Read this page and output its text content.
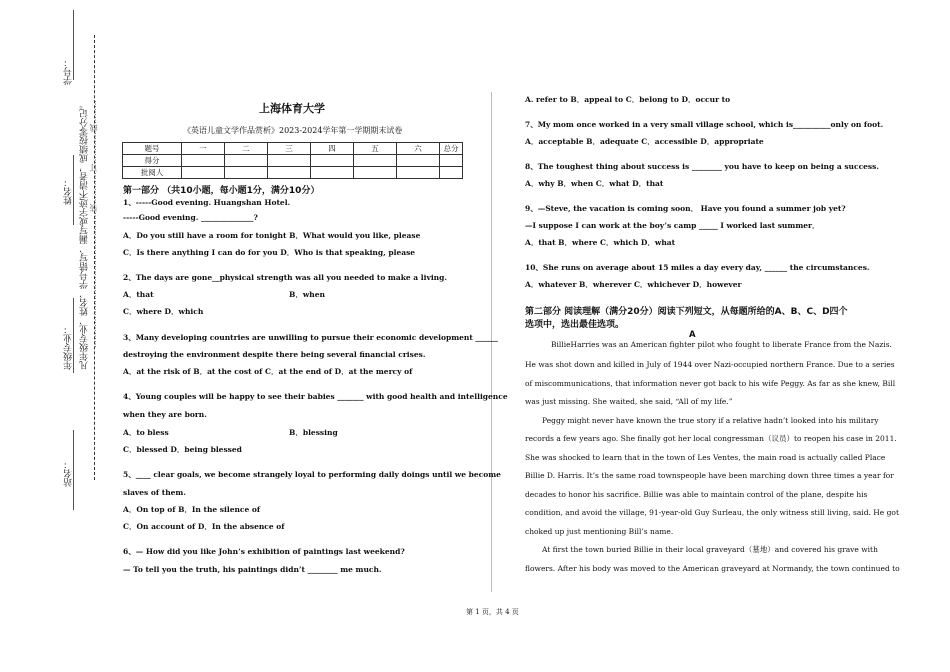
学号：
姓名：
年级专业：
站名：
凡年级专业、姓名、学号错写、漏写或字迹不清者，成绩按零分记。 ……………………………………………装…………订…………线………	上海体育大学
《英语儿童文学作品赏析》2023-2024学年第一学期期末试卷
题号	一	二	三	四	五	六	总分
得分							
批阅人							
第一部分 （共10小题，每小题1分，满分10分）
1、-----Good evening. Huangshan Hotel.
-----Good evening. ______________?
A．Do you still have a room for tonight B．What would you like, please
C．Is there anything I can do for you D．Who is that speaking, please
2、The days are gone__physical strength was all you needed to make a living.
A．that	B．when
C．where D．which
3、Many developing countries are unwilling to pursue their economic development ______
destroying the environment despite there being several financial crises.
A．at the risk of B．at the cost of C．at the end of D．at the mercy of
4、Young couples will be happy to see their babies _______ with good health and intelligence
when they are born.
A．to bless	B．blessing
C．blessed D．being blessed
5、____ clear goals, we become strangely loyal to performing daily doings until we become
slaves of them.
A．On top of B．In the silence of
C．On account of D．In the absence of
6、— How did you like John’s exhibition of paintings last weekend?
— To tell you the truth, his paintings didn’t ________ me much.
A. refer to B．appeal to C．belong to D．occur to
7、My mom once worked in a very small village school, which is__________only on foot.
A．acceptable B．adequate C．accessible D．appropriate
8、The toughest thing about success is ________ you have to keep on being a success.
A．why B．when C．what D．that
9、—Steve, the vacation is coming soon． Have you found a summer job yet?
—I suppose I can work at the boy’s camp _____ I worked last summer．
A．that B．where C．which D．what
10、She runs on average about 15 miles a day every day, ______ the circumstances.
A．whatever B．wherever C．whichever D．however
第二部分 阅读理解（满分20分）阅读下列短文，从每题所给的A、B、C、D四个
选项中，选出最佳选项。
A
BillieHarries was an American fighter pilot who fought to liberate France from the Nazis.
He was shot down and killed in July of 1944 over Nazi-occupied northern France. Due to a series
of miscommunications, that information never got back to his wife Peggy. As far as she knew, Bill
was just missing. She waited, she said, “All of my life.”
Peggy might never have known the true story if a relative hadn’t looked into his military
records a few years ago. She finally got her local congressman（议员）to reopen his case in 2011.
She was shocked to learn that in the town of Les Ventes, the main road is actually called Place
Billie D. Harris. It’s the same road townspeople have been marching down three times a year for
decades to honor his sacrifice. Billie was able to maintain control of the plane, despite his
condition, and avoid the village, 91-year-old Guy Surleau, the only witness still living, said. He got
choked up just mentioning Bill’s name.
At first the town buried Billie in their local graveyard（墓地）and covered his grave with
flowers. After his body was moved to the American graveyard at Normandy, the town continued to
第 1 页，共 4 页
